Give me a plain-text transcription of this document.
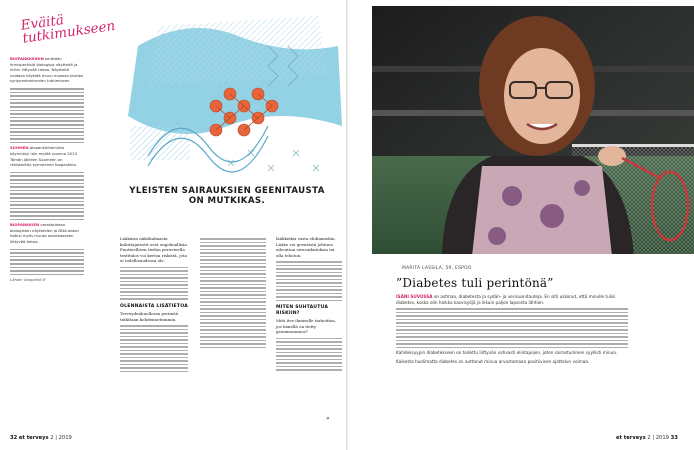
Eväitä tutkimukseen

BIOPANKKEIHIN kerätään ihmisperäisiä biologisia näytteitä ja niihin liittyvää tietoa. Näytteitä voidaan käyttää muun muassa tautien syntymekanismien tutkimiseen

SUOMEN biopankkitoiminta käynnistyi lain myötä vuonna 2013. Tämän jälkeen Suomeen on rekisteröity kymmenen biopankkia.

BIOPANKKIEN varastoidaan biologisten näytteiden ja DNA-datan lisäksi myös muuta asiakkaaseen liittyvää tietoa.

Lähde: biopankit.fi

YLEISTEN SAIRAUKSIEN GEENITAUSTA ON MUTKIKAS.

Lääkärin näkökulmasta kuluttajatestit ovat ongelmallisia. Puutteellisen tiedon perusteella testitulos voi kertoa riskistä, jota ei todellisuudessa ole.

OLENNAISTA LISÄTIETOA

Terveydenhuollossa perimää tutkitaan kohdennetummin.

lääkkeiksi vasta ehdimmekin. Lääke voi geeneistä johtuen aiheuttaa sivuvaikutuksia tai olla tehoton.

MITEN SUHTAUTUA RISKIIN?

Mitä itse ihmiselle tarkoittaa, jos hänellä on tietty geenimuunnos?

»
32 et terveys 2 | 2019	et terveys 2 | 2019 33
MARITA LASSILA, 59, ESPOO
”Diabetes tuli perintönä”

ISÄNI SUVUSSA on astmaa, diabetesta ja sydän- ja verisuonitauteja. En silti uskonut, että minulle tulisi diabetes, koska olin hoikka kasvisyöjä ja liikuin paljon lapsesta lähtien.

Kahdeksyypin diabetekseen on todettu liittyvän vahvasti elintapojen, joten sairastuminen syyllisti minua.

Kaikesta huolimatta diabetes on auttanut minua arvostamaan positiivisen ajattelun voimaa.
